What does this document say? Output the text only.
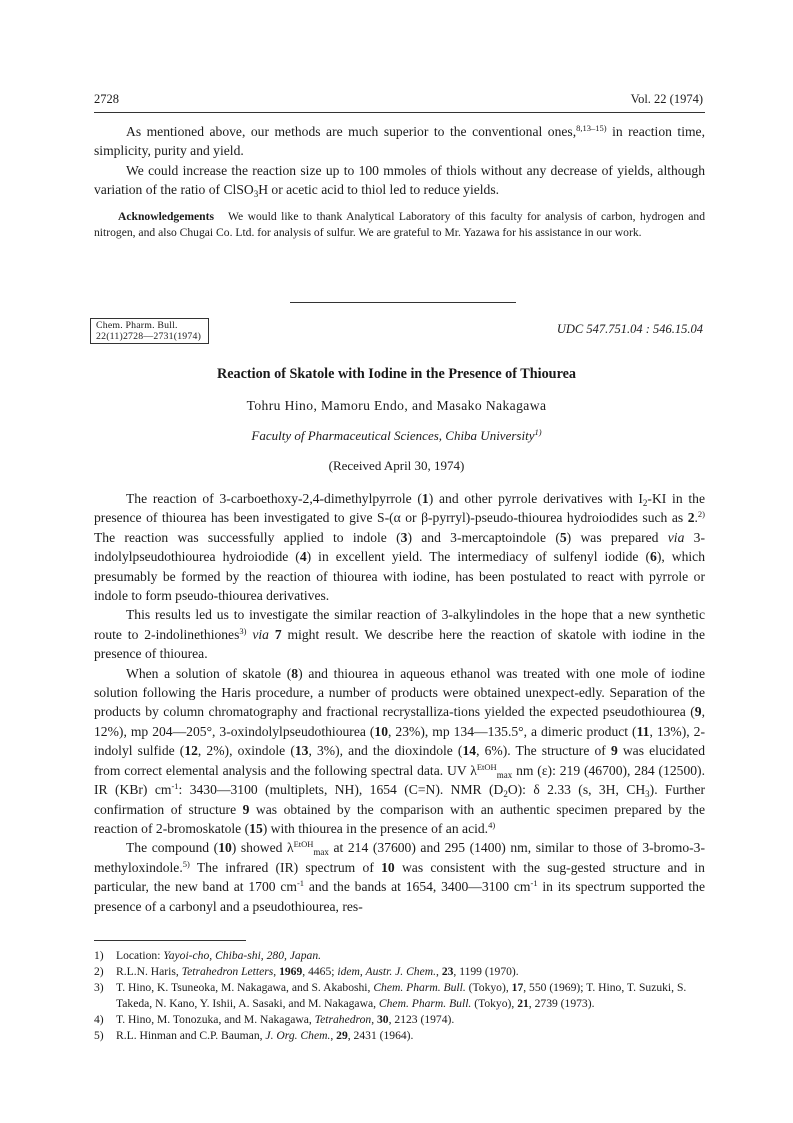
2728	Vol. 22 (1974)

As mentioned above, our methods are much superior to the conventional ones,$^{8,13-15)}$ in reaction time, simplicity, purity and yield.

We could increase the reaction size up to 100 mmoles of thiols without any decrease of yields, although variation of the ratio of ClSO$_3$H or acetic acid to thiol led to reduce yields.

Acknowledgements We would like to thank Analytical Laboratory of this faculty for analysis of carbon, hydrogen and nitrogen, and also Chugai Co. Ltd. for analysis of sulfur. We are grateful to Mr. Yazawa for his assistance in our work.
Chem. Pharm. Bull.
22(11)2728—2731(1974)
UDC 547.751.04 : 546.15.04
Reaction of Skatole with Iodine in the Presence of Thiourea
Tohru Hino, Mamoru Endo, and Masako Nakagawa
Faculty of Pharmaceutical Sciences, Chiba University$^{1)}$
(Received April 30, 1974)

The reaction of 3-carboethoxy-2,4-dimethylpyrrole (1) and other pyrrole derivatives with $I_2-KI$ in the presence of thiourea has been investigated to give S-(α or β-pyrryl)-pseudo-thiourea hydroiodides such as 2.$^{2)}$ The reaction was successfully applied to indole (3) and 3-mercaptoindole (5) was prepared via 3-indolylpseudothiourea hydroiodide (4) in excellent yield. The intermediacy of sulfenyl iodide (6), which presumably be formed by the reaction of thiourea with iodine, has been postulated to react with pyrrole or indole to form pseudo-thiourea derivatives.

This results led us to investigate the similar reaction of 3-alkylindoles in the hope that a new synthetic route to 2-indolinethiones$^{3)}$ via 7 might result. We describe here the reaction of skatole with iodine in the presence of thiourea.

When a solution of skatole (8) and thiourea in aqueous ethanol was treated with one mole of iodine solution following the Haris procedure, a number of products were obtained unexpect-edly. Separation of the products by column chromatography and fractional recrystalliza-tions yielded the expected pseudothiourea (9, 12%), mp 204—205°, 3-oxindolylpseudothiourea (10, 23%), mp 134—135.5°, a dimeric product (11, 13%), 2-indolyl sulfide (12, 2%), oxindole (13, 3%), and the dioxindole (14, 6%). The structure of 9 was elucidated from correct elemental analysis and the following spectral data. UV $\lambda^{EtOH}_{max}$ nm (ε): 219 (46700), 284 (12500). IR (KBr) $cm^{-1}$: 3430—3100 (multiplets, NH), 1654 (C=N). NMR $(D_2O)$: δ 2.33 (s, 3H, $CH_3$). Further confirmation of structure 9 was obtained by the comparison with an authentic specimen prepared by the reaction of 2-bromoskatole (15) with thiourea in the presence of an acid.$^{4)}$

The compound (10) showed $\lambda^{EtOH}_{max}$ at 214 (37600) and 295 (1400) nm, similar to those of 3-bromo-3-methyloxindole.$^{5)}$ The infrared (IR) spectrum of 10 was consistent with the sug-gested structure and in particular, the new band at 1700 $cm^{-1}$ and the bands at 1654, 3400—3100 $cm^{-1}$ in its spectrum supported the presence of a carbonyl and a pseudothiourea, res-

1)	Location: Yayoi-cho, Chiba-shi, 280, Japan.
2)	R.L.N. Haris, Tetrahedron Letters, 1969, 4465; idem, Austr. J. Chem., 23, 1199 (1970).
3)	T. Hino, K. Tsuneoka, M. Nakagawa, and S. Akaboshi, Chem. Pharm. Bull. (Tokyo), 17, 550 (1969); T. Hino, T. Suzuki, S. Takeda, N. Kano, Y. Ishii, A. Sasaki, and M. Nakagawa, Chem. Pharm. Bull. (Tokyo), 21, 2739 (1973).
4)	T. Hino, M. Tonozuka, and M. Nakagawa, Tetrahedron, 30, 2123 (1974).
5)	R.L. Hinman and C.P. Bauman, J. Org. Chem., 29, 2431 (1964).
